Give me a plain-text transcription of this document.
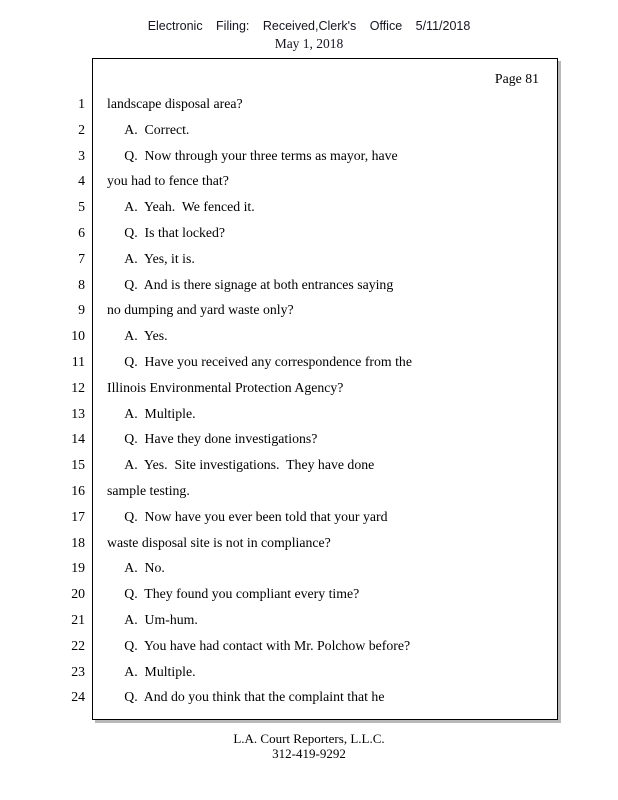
Electronic Filing: Received,Clerk's Office 5/11/2018
May 1, 2018
Page 81
1 landscape disposal area?
2 A.  Correct.
3 Q.  Now through your three terms as mayor, have
4 you had to fence that?
5 A.  Yeah.  We fenced it.
6 Q.  Is that locked?
7 A.  Yes, it is.
8 Q.  And is there signage at both entrances saying
9 no dumping and yard waste only?
10 A.  Yes.
11 Q.  Have you received any correspondence from the
12 Illinois Environmental Protection Agency?
13 A.  Multiple.
14 Q.  Have they done investigations?
15 A.  Yes.  Site investigations.  They have done
16 sample testing.
17 Q.  Now have you ever been told that your yard
18 waste disposal site is not in compliance?
19 A.  No.
20 Q.  They found you compliant every time?
21 A.  Um-hum.
22 Q.  You have had contact with Mr. Polchow before?
23 A.  Multiple.
24 Q.  And do you think that the complaint that he
L.A. Court Reporters, L.L.C.
312-419-9292
